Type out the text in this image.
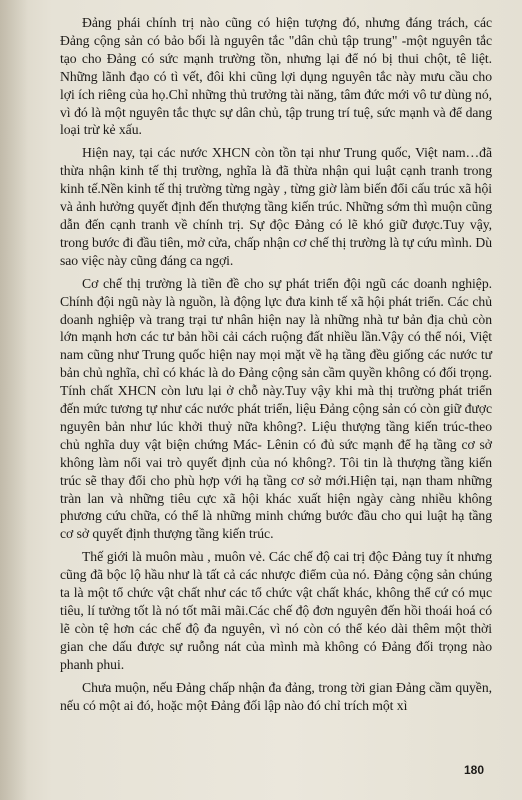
Đảng phái chính trị nào cũng có hiện tượng đó, nhưng đáng trách, các Đảng cộng sản có bảo bối là nguyên tắc "dân chủ tập trung" -một nguyên tắc tạo cho Đảng có sức mạnh trường tồn, nhưng lại để nó bị thui chột, tê liệt. Những lãnh đạo có tì vết, đôi khi cũng lợi dụng nguyên tắc này mưu cầu cho lợi ích riêng của họ.Chỉ những thủ trưởng tài năng, tâm đức mới vô tư dùng nó, vì đó là một nguyên tắc thực sự dân chủ, tập trung trí tuệ, sức mạnh và để dang loại trừ kẻ xấu.

Hiện nay, tại các nước XHCN còn tồn tại như Trung quốc, Việt nam…đã thừa nhận kinh tế thị trường, nghĩa là đã thừa nhận qui luật cạnh tranh trong kinh tế.Nền kinh tế thị trường từng ngày , từng giờ làm biến đổi cấu trúc xã hội và ảnh hưởng quyết định đến thượng tầng kiến trúc. Những sớm thì muộn cũng dẫn đến cạnh tranh về chính trị. Sự độc Đảng có lẽ khó giữ được.Tuy vậy, trong bước đi đầu tiên, mở cửa, chấp nhận cơ chế thị trường là tự cứu mình. Dù sao việc này cũng đáng ca ngợi.

Cơ chế thị trường là tiền đề cho sự phát triển đội ngũ các doanh nghiệp. Chính đội ngũ này là nguồn, là động lực đưa kinh tế xã hội phát triển. Các chủ doanh nghiệp và trang trại tư nhân hiện nay là những nhà tư bản địa chủ còn lớn mạnh hơn các tư bản hồi cải cách ruộng đất nhiều lần.Vậy có thể nói, Việt nam cũng như Trung quốc hiện nay mọi mặt về hạ tầng đều giống các nước tư bản chủ nghĩa, chỉ có khác là do Đảng cộng sản cầm quyền không có đối trọng. Tính chất XHCN còn lưu lại ở chỗ này.Tuy vậy khi mà thị trường phát triển đến mức tương tự như các nước phát triển, liệu Đảng cộng sản có còn giữ được nguyên bản như lúc khởi thuỷ nữa không?. Liệu thượng tầng kiến trúc-theo chủ nghĩa duy vật biện chứng Mác- Lênin có đủ sức mạnh để hạ tầng cơ sở không làm nổi vai trò quyết định của nó không?. Tôi tin là thượng tầng kiến trúc sẽ thay đổi cho phù hợp với hạ tầng cơ sở mới.Hiện tại, nạn tham những tràn lan và những tiêu cực xã hội khác xuất hiện ngày càng nhiều không phương cứu chữa, có thể là những minh chứng bước đầu cho qui luật hạ tầng cơ sở quyết định thượng tầng kiến trúc.

Thế giới là muôn màu , muôn vẻ. Các chế độ cai trị độc Đảng tuy ít nhưng cũng đã bộc lộ hầu như là tất cả các nhược điểm của nó. Đảng cộng sản chúng ta là một tổ chức vật chất như các tổ chức vật chất khác, không thể cứ có mục tiêu, lí tưởng tốt là nó tốt mãi mãi.Các chế độ đơn nguyên đến hồi thoái hoá có lẽ còn tệ hơn các chế độ đa nguyên, vì nó còn có thể kéo dài thêm một thời gian che dấu được sự ruỗng nát của mình mà không có Đảng đối trọng nào phanh phui.

Chưa muộn, nếu Đảng chấp nhận đa đảng, trong tời gian Đảng cầm quyền, nếu có một ai đó, hoặc một Đảng đối lập nào đó chỉ trích một xì

180
